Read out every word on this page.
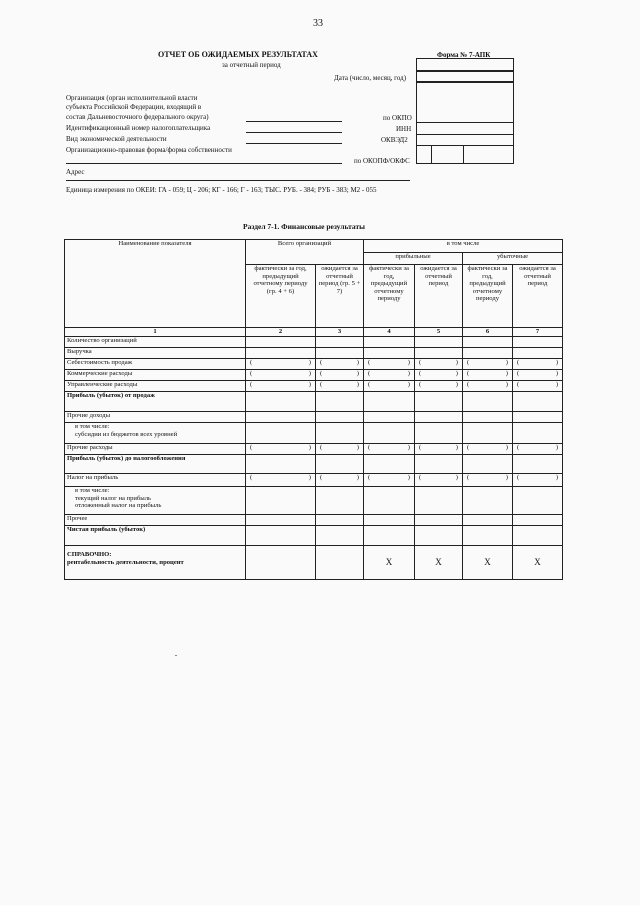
33
ОТЧЕТ ОБ ОЖИДАЕМЫХ РЕЗУЛЬТАТАХ
за отчетный период
Форма № 7-АПК
Дата (число, месяц, год)
Организация (орган исполнительной власти
субъекта Российской Федерации, входящий в
состав Дальневосточного федерального округа)	по ОКПО
Идентификационный номер налогоплательщика	ИНН
Вид экономической деятельности	ОКВЭД2
Организационно-правовая форма/форма собственности
по ОКОПФ/ОКФС
Адрес
Единица измерения по ОКЕИ: ГА - 059; Ц - 206; КГ - 166; Г - 163; ТЫС. РУБ. - 384; РУБ - 383; М2 - 055
Раздел 7-1. Финансовые результаты
Наименование показателя	Всего организаций		в том числе			
			прибыльные		убыточные	
	фактически за год, предыдущий отчетному периоду (гр. 4 + 6)	ожидается за отчетный период (гр. 5 + 7)	фактически за год, предыдущий отчетному периоду	ожидается за отчетный период	фактически за год, предыдущий отчетному периоду	ожидается за отчетный период
1	2	3	4	5	6	7

Количество организаций						

Выручка						

Себестоимость продаж	( )	( )	( )	( )	( )	( )

Коммерческие расходы	( )	( )	( )	( )	( )	( )

Управленческие расходы	( )	( )	( )	( )	( )	( )

Прибыль (убыток) от продаж						

Прочие доходы						

в том числе:
субсидии из бюджетов всех уровней						

Прочие расходы	( )	( )	( )	( )	( )	( )

Прибыль (убыток) до налогообложения						

Налог на прибыль	( )	( )	( )	( )	( )	( )

в том числе:
текущий налог на прибыль
отложенный налог на прибыль						

Прочее						

Чистая прибыль (убыток)						

СПРАВОЧНО:
рентабельность деятельности, процент			X	X	X	X
